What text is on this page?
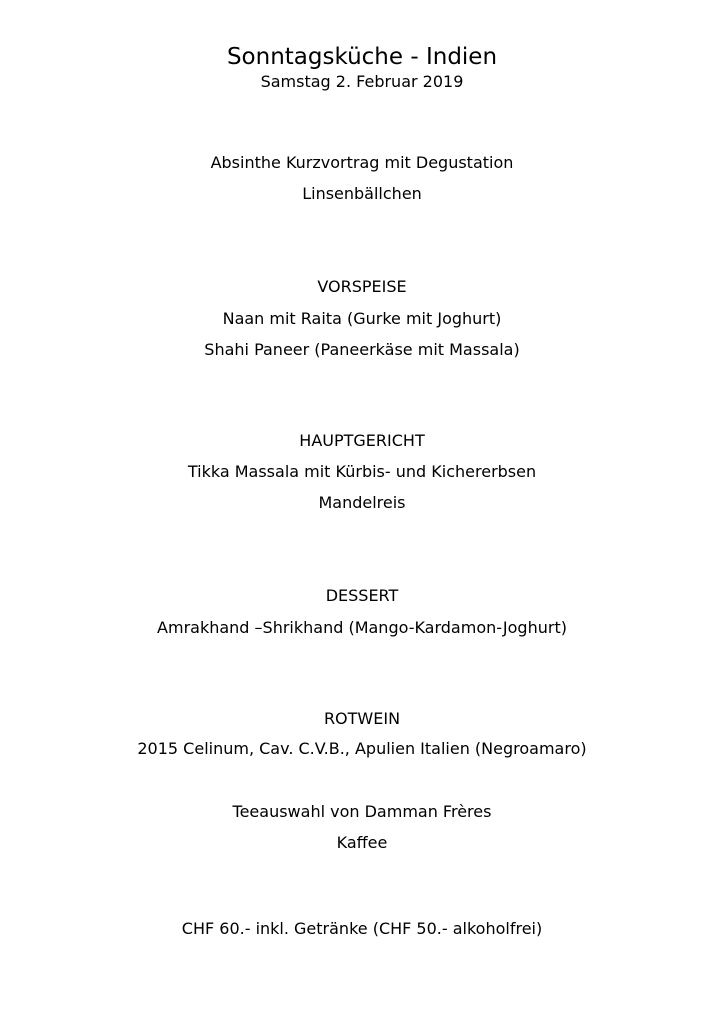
Sonntagsküche - Indien
Samstag 2. Februar 2019
Absinthe Kurzvortrag mit Degustation
Linsenbällchen
VORSPEISE
Naan mit Raita (Gurke mit Joghurt)
Shahi Paneer (Paneerkäse mit Massala)
HAUPTGERICHT
Tikka Massala mit Kürbis- und Kichererbsen
Mandelreis
DESSERT
Amrakhand –Shrikhand (Mango-Kardamon-Joghurt)
ROTWEIN
2015 Celinum, Cav. C.V.B., Apulien Italien (Negroamaro)
Teeauswahl von Damman Frères
Kaffee
CHF 60.- inkl. Getränke (CHF 50.- alkoholfrei)
